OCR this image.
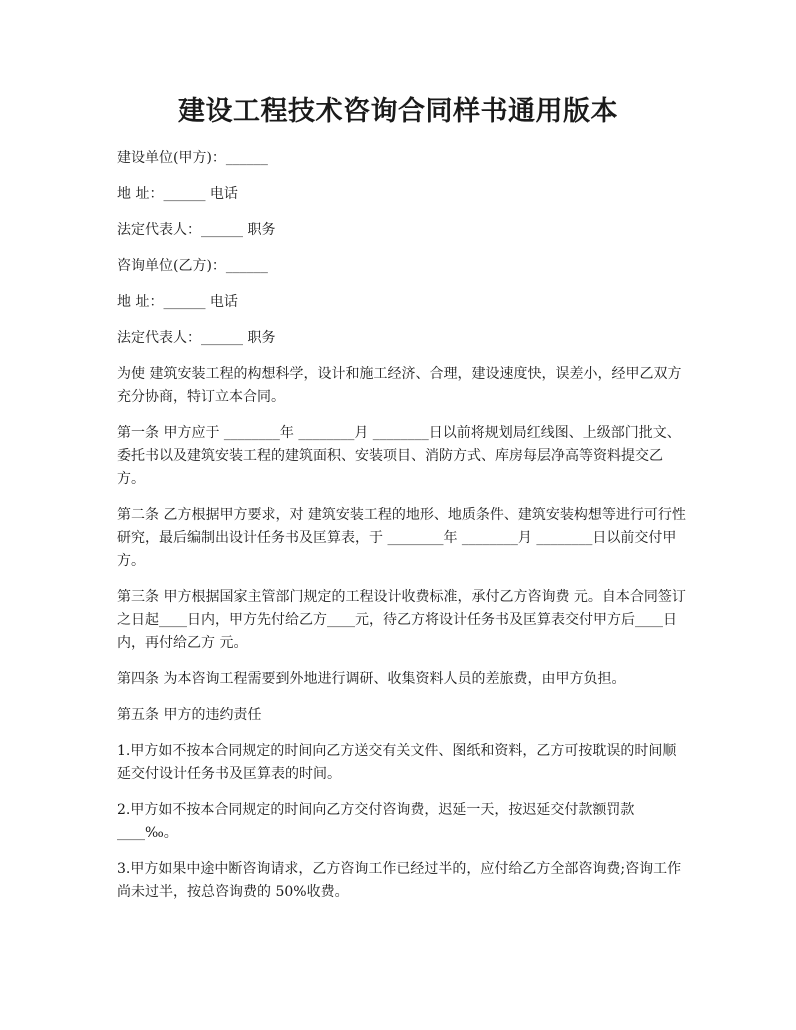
建设工程技术咨询合同样书通用版本

建设单位(甲方)：______

地 址：______ 电话

法定代表人：______ 职务

咨询单位(乙方)：______

地 址：______ 电话

法定代表人：______ 职务

为使 建筑安装工程的构想科学，设计和施工经济、合理，建设速度快，误差小，经甲乙双方充分协商，特订立本合同。

第一条 甲方应于 ________年 ________月 ________日以前将规划局红线图、上级部门批文、委托书以及建筑安装工程的建筑面积、安装项目、消防方式、库房每层净高等资料提交乙方。

第二条 乙方根据甲方要求，对 建筑安装工程的地形、地质条件、建筑安装构想等进行可行性研究，最后编制出设计任务书及匡算表，于 ________年 ________月 ________日以前交付甲方。

第三条 甲方根据国家主管部门规定的工程设计收费标准，承付乙方咨询费 元。自本合同签订之日起____日内，甲方先付给乙方____元，待乙方将设计任务书及匡算表交付甲方后____日内，再付给乙方 元。

第四条 为本咨询工程需要到外地进行调研、收集资料人员的差旅费，由甲方负担。

第五条 甲方的违约责任

1.甲方如不按本合同规定的时间向乙方送交有关文件、图纸和资料，乙方可按耽误的时间顺延交付设计任务书及匡算表的时间。

2.甲方如不按本合同规定的时间向乙方交付咨询费，迟延一天，按迟延交付款额罚款____‰。

3.甲方如果中途中断咨询请求，乙方咨询工作已经过半的，应付给乙方全部咨询费;咨询工作尚未过半，按总咨询费的 50%收费。
